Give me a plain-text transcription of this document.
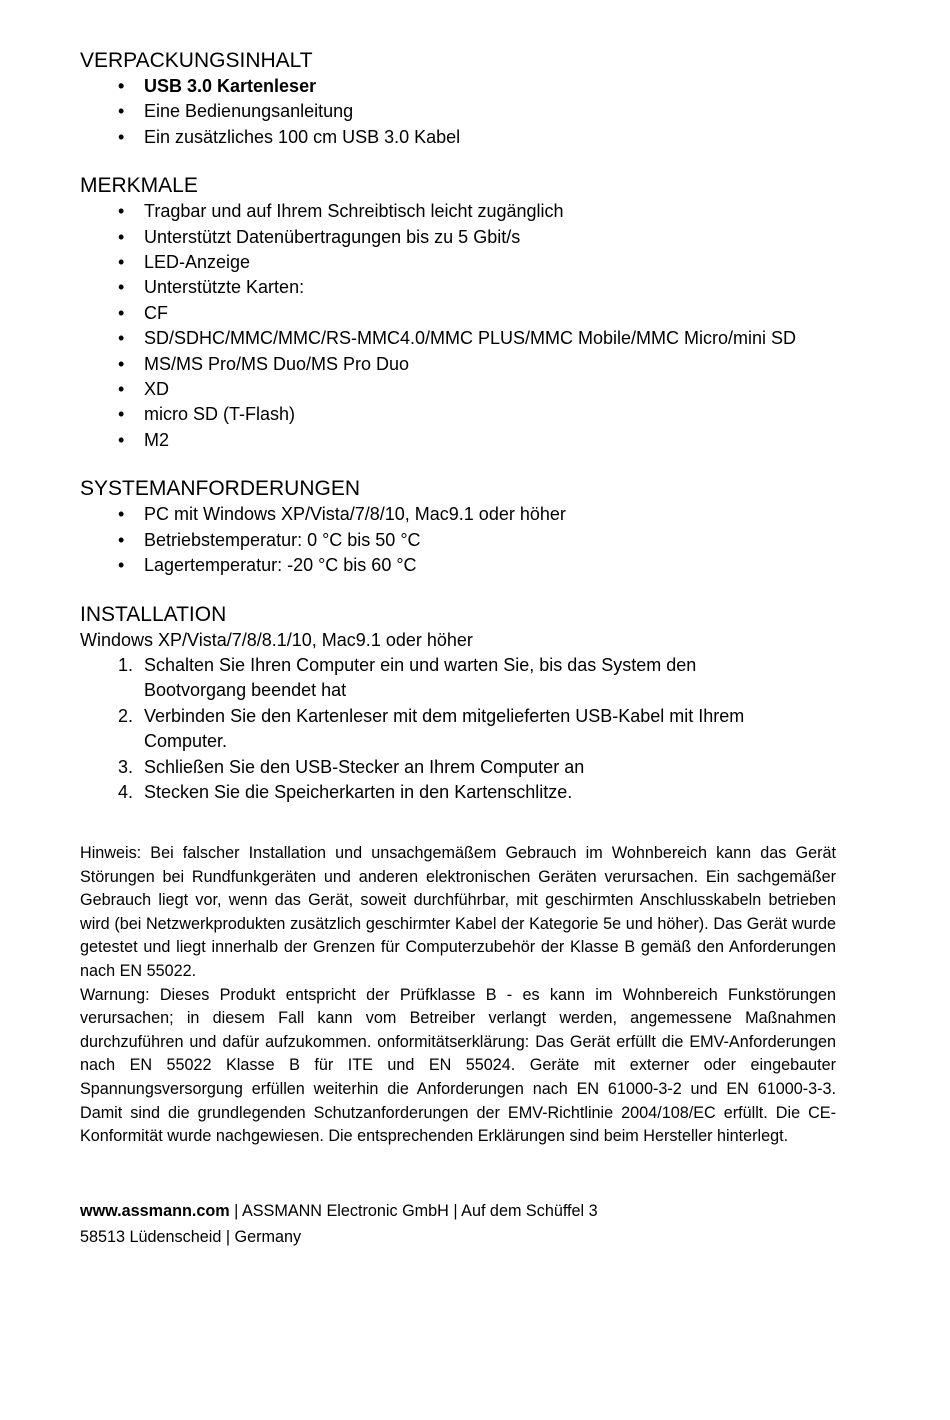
VERPACKUNGSINHALT
• USB 3.0 Kartenleser
• Eine Bedienungsanleitung
• Ein zusätzliches 100 cm USB 3.0 Kabel
MERKMALE
• Tragbar und auf Ihrem Schreibtisch leicht zugänglich
• Unterstützt Datenübertragungen bis zu 5 Gbit/s
• LED-Anzeige
• Unterstützte Karten:
• CF
• SD/SDHC/MMC/MMC/RS-MMC4.0/MMC PLUS/MMC Mobile/MMC Micro/mini SD
• MS/MS Pro/MS Duo/MS Pro Duo
• XD
• micro SD (T-Flash)
• M2
SYSTEMANFORDERUNGEN
• PC mit Windows XP/Vista/7/8/10, Mac9.1 oder höher
• Betriebstemperatur: 0 °C bis 50 °C
• Lagertemperatur: -20 °C bis 60 °C
INSTALLATION

Windows XP/Vista/7/8/8.1/10, Mac9.1 oder höher

1. Schalten Sie Ihren Computer ein und warten Sie, bis das System den
Bootvorgang beendet hat
2. Verbinden Sie den Kartenleser mit dem mitgelieferten USB-Kabel mit Ihrem
Computer.
3. Schließen Sie den USB-Stecker an Ihrem Computer an
4. Stecken Sie die Speicherkarten in den Kartenschlitze.

Hinweis: Bei falscher Installation und unsachgemäßem Gebrauch im Wohnbereich kann das Gerät Störungen bei Rundfunkgeräten und anderen elektronischen Geräten verursachen. Ein sachgemäßer Gebrauch liegt vor, wenn das Gerät, soweit durchführbar, mit geschirmten Anschlusskabeln betrieben wird (bei Netzwerkprodukten zusätzlich geschirmter Kabel der Kategorie 5e und höher). Das Gerät wurde getestet und liegt innerhalb der Grenzen für Computerzubehör der Klasse B gemäß den Anforderungen nach EN 55022.

Warnung: Dieses Produkt entspricht der Prüfklasse B - es kann im Wohnbereich Funkstörungen verursachen; in diesem Fall kann vom Betreiber verlangt werden, angemessene Maßnahmen durchzuführen und dafür aufzukommen. onformitätserklärung: Das Gerät erfüllt die EMV-Anforderungen nach EN 55022 Klasse B für ITE und EN 55024. Geräte mit externer oder eingebauter Spannungsversorgung erfüllen weiterhin die Anforderungen nach EN 61000-3-2 und EN 61000-3-3. Damit sind die grundlegenden Schutzanforderungen der EMV-Richtlinie 2004/108/EC erfüllt. Die CE-Konformität wurde nachgewiesen. Die entsprechenden Erklärungen sind beim Hersteller hinterlegt.

www.assmann.com | ASSMANN Electronic GmbH | Auf dem Schüffel 3
58513 Lüdenscheid | Germany
